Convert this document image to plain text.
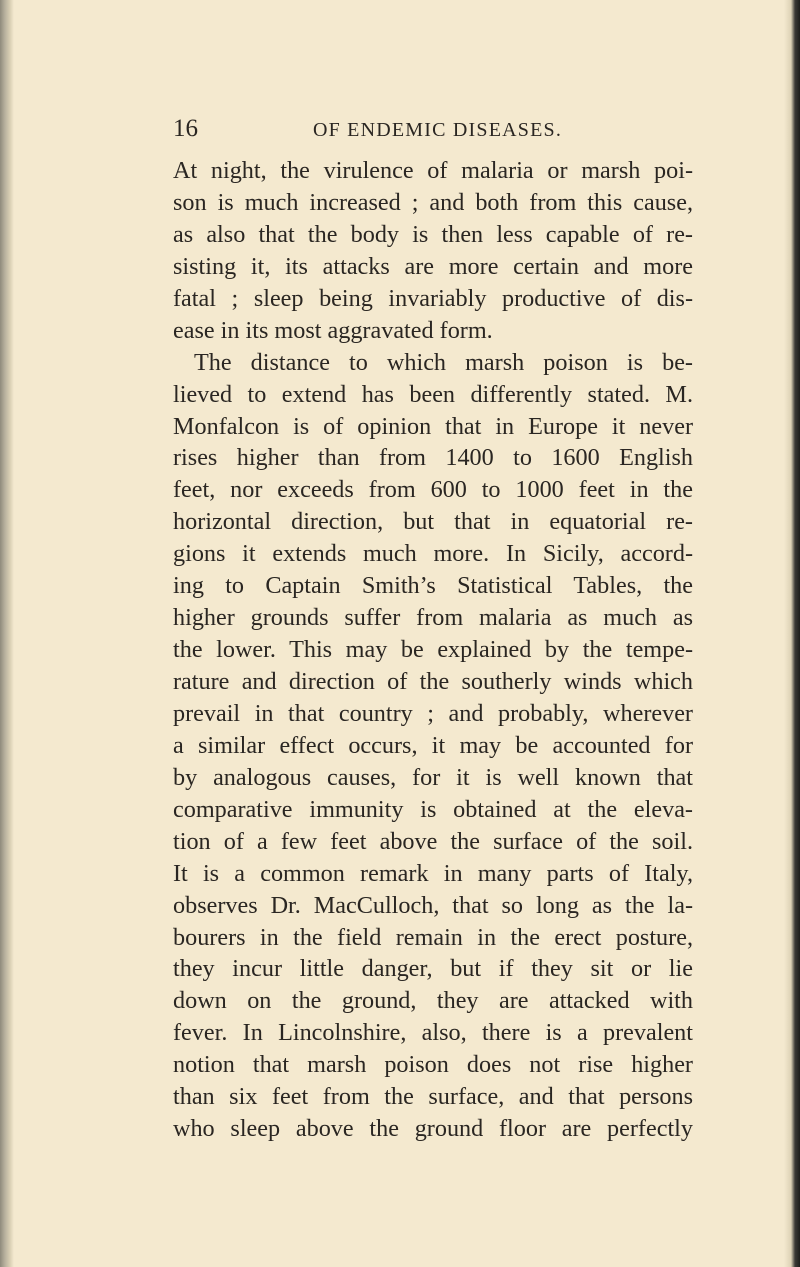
16	OF ENDEMIC DISEASES.
At night, the virulence of malaria or marsh poi-
son is much increased ; and both from this cause,
as also that the body is then less capable of re-
sisting it, its attacks are more certain and more
fatal ; sleep being invariably productive of dis-
ease in its most aggravated form.
The distance to which marsh poison is be-
lieved to extend has been differently stated. M.
Monfalcon is of opinion that in Europe it never
rises higher than from 1400 to 1600 English
feet, nor exceeds from 600 to 1000 feet in the
horizontal direction, but that in equatorial re-
gions it extends much more. In Sicily, accord-
ing to Captain Smith’s Statistical Tables, the
higher grounds suffer from malaria as much as
the lower. This may be explained by the tempe-
rature and direction of the southerly winds which
prevail in that country ; and probably, wherever
a similar effect occurs, it may be accounted for
by analogous causes, for it is well known that
comparative immunity is obtained at the eleva-
tion of a few feet above the surface of the soil.
It is a common remark in many parts of Italy,
observes Dr. MacCulloch, that so long as the la-
bourers in the field remain in the erect posture,
they incur little danger, but if they sit or lie
down on the ground, they are attacked with
fever. In Lincolnshire, also, there is a prevalent
notion that marsh poison does not rise higher
than six feet from the surface, and that persons
who sleep above the ground floor are perfectly
